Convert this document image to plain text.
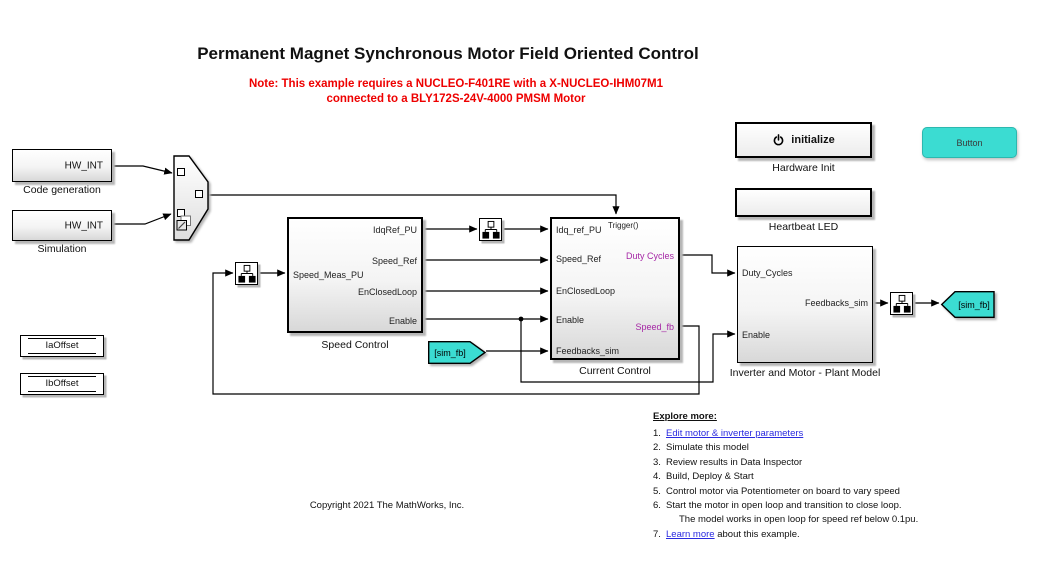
Permanent Magnet Synchronous Motor Field Oriented Control
Note: This example requires a NUCLEO-F401RE with a X-NUCLEO-IHM07M1
connected to a BLY172S-24V-4000 PMSM Motor
HW_INT
Code generation
HW_INT
Simulation
Speed_Meas_PU
IdqRef_PU
Speed_Ref
EnClosedLoop
Enable
Speed Control
Trigger()
Idq_ref_PU
Speed_Ref
EnClosedLoop
Enable
Feedbacks_sim
Duty Cycles
Speed_fb
Current Control
Duty_Cycles
Enable
Feedbacks_sim
Inverter and Motor - Plant Model
initialize
Hardware Init
Heartbeat LED
Button
IaOffset
IbOffset
[sim_fb]
[sim_fb]
Explore more:
1. Edit motor & inverter parameters
2. Simulate this model
3. Review results in Data Inspector
4. Build, Deploy & Start
5. Control motor via Potentiometer on board to vary speed
6. Start the motor in open loop and transition to close loop.
The model works in open loop for speed ref below 0.1pu.
7. Learn more about this example.
Copyright 2021 The MathWorks, Inc.
